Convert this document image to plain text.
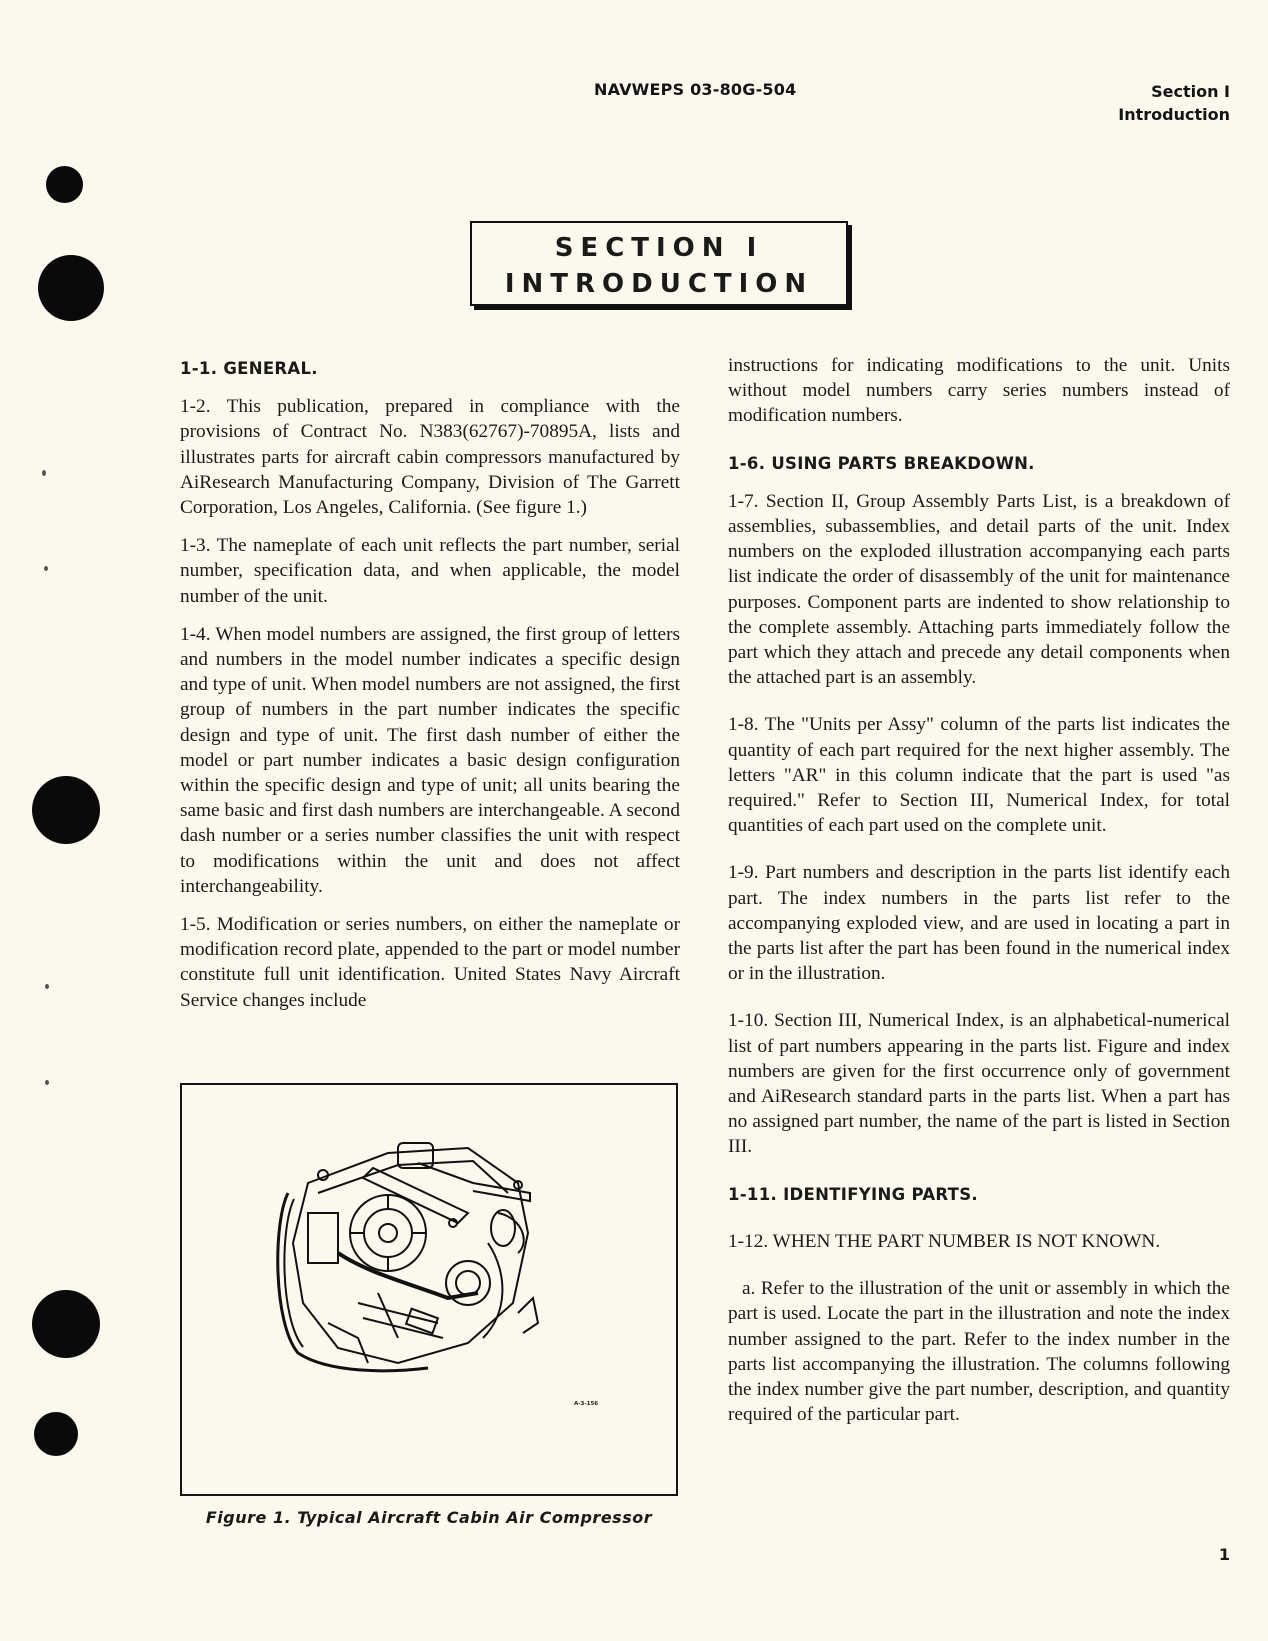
NAVWEPS 03-80G-504	Section I
Introduction
SECTION I
INTRODUCTION
1-1. GENERAL.

1-2. This publication, prepared in compliance with the provisions of Contract No. N383(62767)-70895A, lists and illustrates parts for aircraft cabin compressors manufactured by AiResearch Manufacturing Company, Division of The Garrett Corporation, Los Angeles, California. (See figure 1.)

1-3. The nameplate of each unit reflects the part number, serial number, specification data, and when applicable, the model number of the unit.

1-4. When model numbers are assigned, the first group of letters and numbers in the model number indicates a specific design and type of unit. When model numbers are not assigned, the first group of numbers in the part number indicates the specific design and type of unit. The first dash number of either the model or part number indicates a basic design configuration within the specific design and type of unit; all units bearing the same basic and first dash numbers are interchangeable. A second dash number or a series number classifies the unit with respect to modifications within the unit and does not affect interchangeability.

1-5. Modification or series numbers, on either the nameplate or modification record plate, appended to the part or model number constitute full unit identification. United States Navy Aircraft Service changes include

A-3-156
Figure 1. Typical Aircraft Cabin Air Compressor

instructions for indicating modifications to the unit. Units without model numbers carry series numbers instead of modification numbers.

1-6. USING PARTS BREAKDOWN.

1-7. Section II, Group Assembly Parts List, is a breakdown of assemblies, subassemblies, and detail parts of the unit. Index numbers on the exploded illustration accompanying each parts list indicate the order of disassembly of the unit for maintenance purposes. Component parts are indented to show relationship to the complete assembly. Attaching parts immediately follow the part which they attach and precede any detail components when the attached part is an assembly.

1-8. The "Units per Assy" column of the parts list indicates the quantity of each part required for the next higher assembly. The letters "AR" in this column indicate that the part is used "as required." Refer to Section III, Numerical Index, for total quantities of each part used on the complete unit.

1-9. Part numbers and description in the parts list identify each part. The index numbers in the parts list refer to the accompanying exploded view, and are used in locating a part in the parts list after the part has been found in the numerical index or in the illustration.

1-10. Section III, Numerical Index, is an alphabetical-numerical list of part numbers appearing in the parts list. Figure and index numbers are given for the first occurrence only of government and AiResearch standard parts in the parts list. When a part has no assigned part number, the name of the part is listed in Section III.

1-11. IDENTIFYING PARTS.

1-12. WHEN THE PART NUMBER IS NOT KNOWN.

a. Refer to the illustration of the unit or assembly in which the part is used. Locate the part in the illustration and note the index number assigned to the part. Refer to the index number in the parts list accompanying the illustration. The columns following the index number give the part number, description, and quantity required of the particular part.

1
